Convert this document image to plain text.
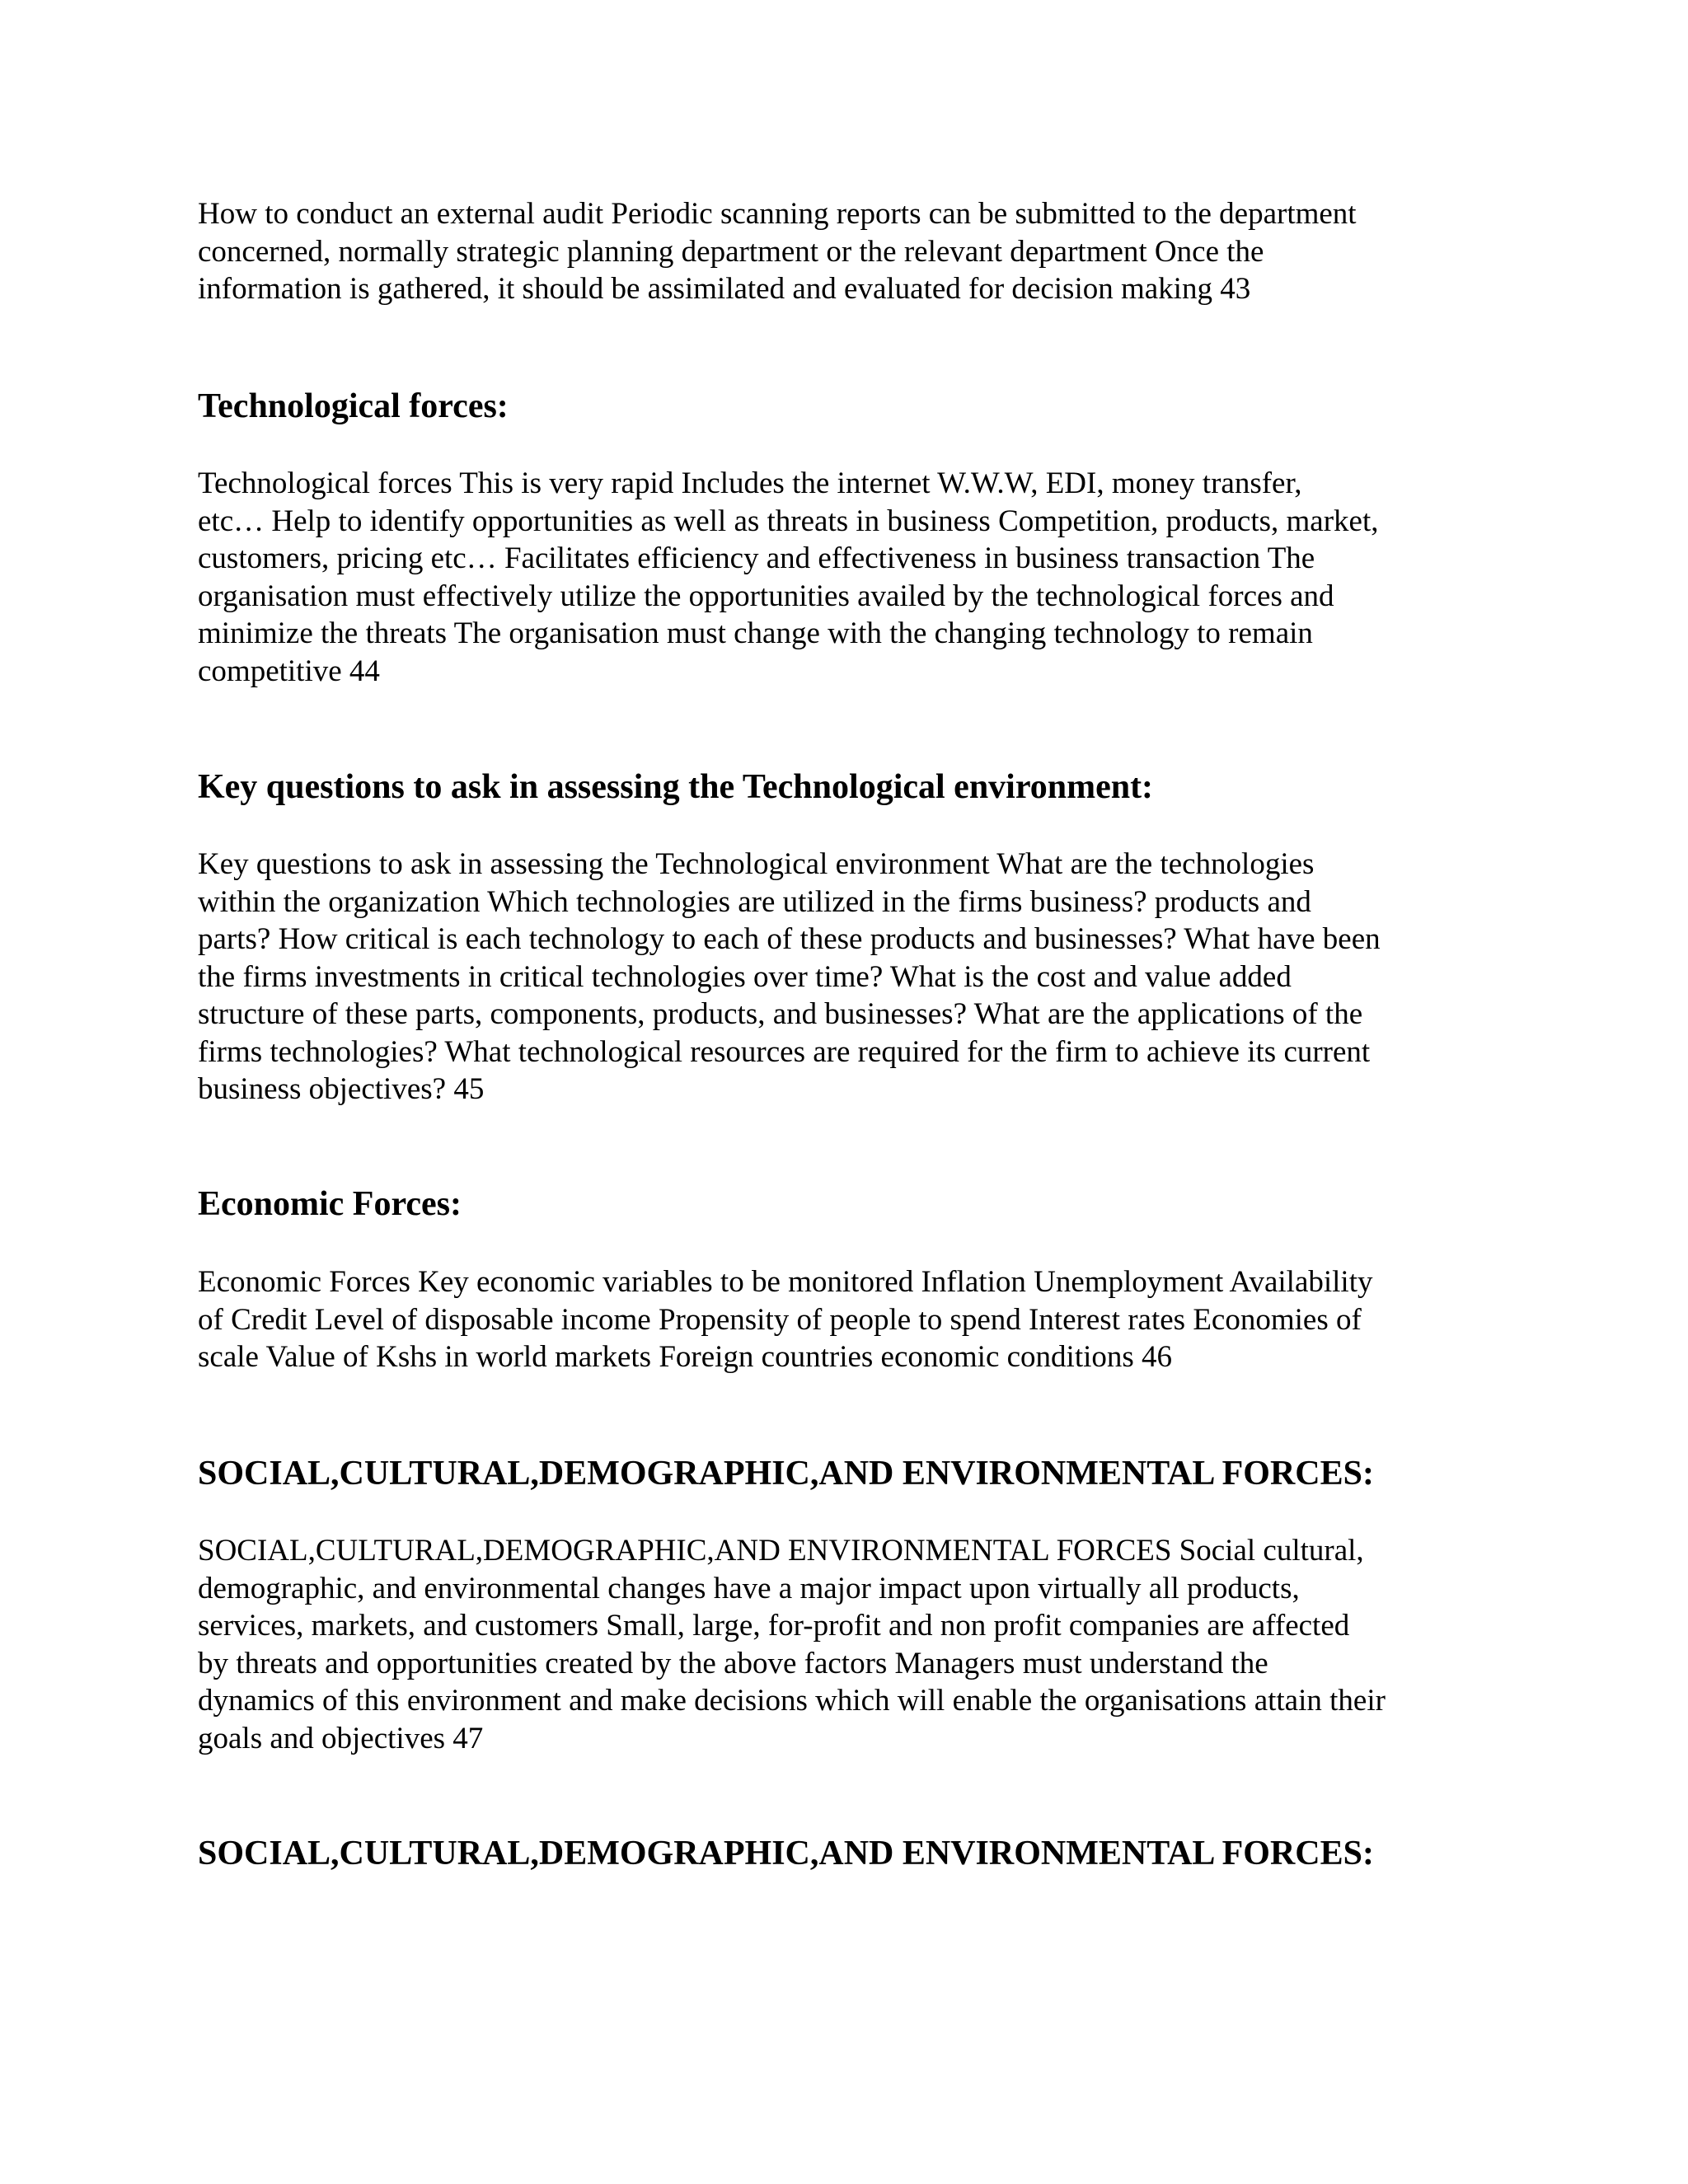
How to conduct an external audit Periodic scanning reports can be submitted to the department
concerned, normally strategic planning department or the relevant department Once the
information is gathered, it should be assimilated and evaluated for decision making 43

Technological forces:

Technological forces This is very rapid Includes the internet W.W.W, EDI, money transfer,
etc… Help to identify opportunities as well as threats in business Competition, products, market,
customers, pricing etc… Facilitates efficiency and effectiveness in business transaction The
organisation must effectively utilize the opportunities availed by the technological forces and
minimize the threats The organisation must change with the changing technology to remain
competitive 44

Key questions to ask in assessing the Technological environment:

Key questions to ask in assessing the Technological environment What are the technologies
within the organization Which technologies are utilized in the firms business? products and
parts? How critical is each technology to each of these products and businesses? What have been
the firms investments in critical technologies over time? What is the cost and value added
structure of these parts, components, products, and businesses? What are the applications of the
firms technologies? What technological resources are required for the firm to achieve its current
business objectives? 45

Economic Forces:

Economic Forces Key economic variables to be monitored Inflation Unemployment Availability
of Credit Level of disposable income Propensity of people to spend Interest rates Economies of
scale Value of Kshs in world markets Foreign countries economic conditions 46

SOCIAL,CULTURAL,DEMOGRAPHIC,AND ENVIRONMENTAL FORCES:

SOCIAL,CULTURAL,DEMOGRAPHIC,AND ENVIRONMENTAL FORCES Social cultural,
demographic, and environmental changes have a major impact upon virtually all products,
services, markets, and customers Small, large, for-profit and non profit companies are affected
by threats and opportunities created by the above factors Managers must understand the
dynamics of this environment and make decisions which will enable the organisations attain their
goals and objectives 47

SOCIAL,CULTURAL,DEMOGRAPHIC,AND ENVIRONMENTAL FORCES:
